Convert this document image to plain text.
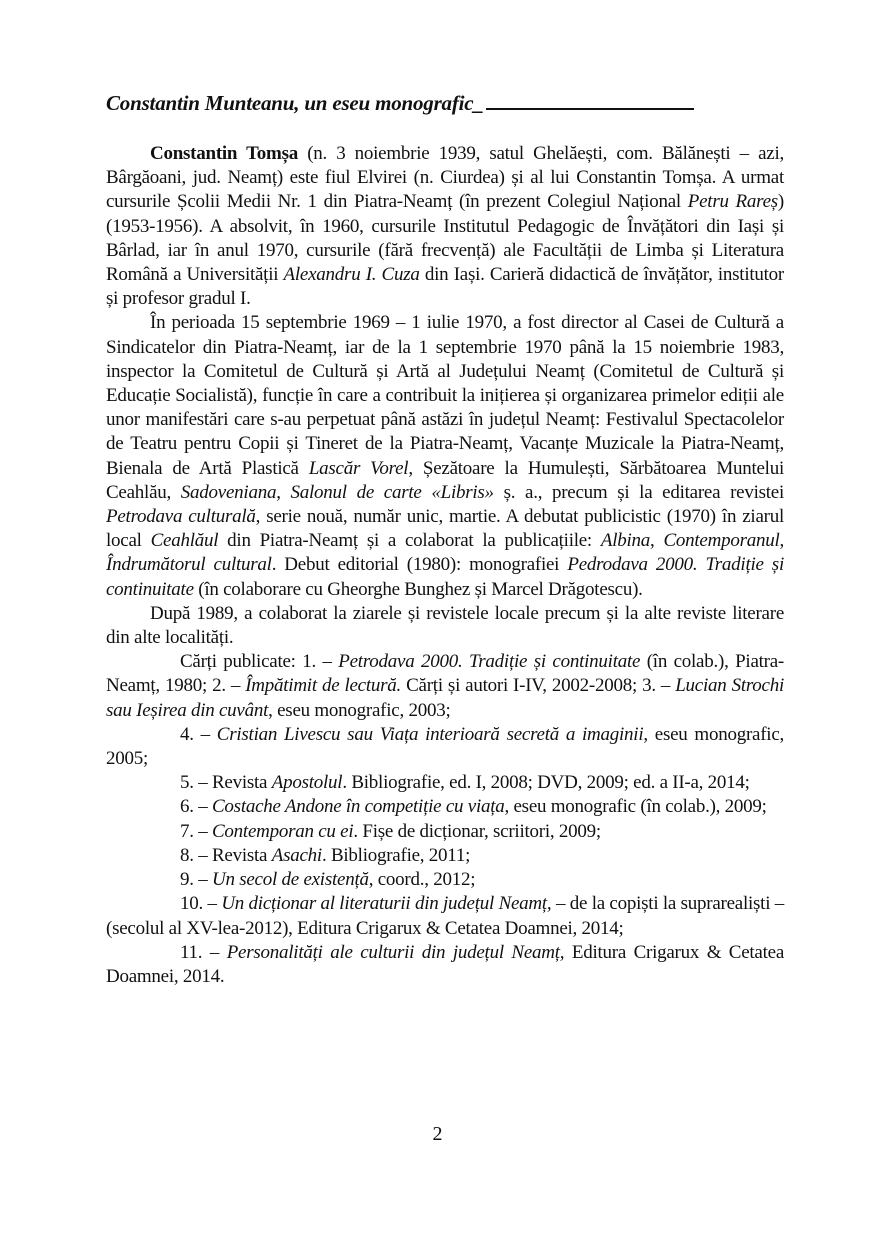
Constantin Munteanu, un eseu monografic_

Constantin Tomșa (n. 3 noiembrie 1939, satul Ghelăești, com. Bălănești – azi, Bârgăoani, jud. Neamț) este fiul Elvirei (n. Ciurdea) și al lui Constantin Tomșa. A urmat cursurile Școlii Medii Nr. 1 din Piatra-Neamț (în prezent Colegiul Național Petru Rareș) (1953-1956). A absolvit, în 1960, cursurile Institutul Pedagogic de Învățători din Iași și Bârlad, iar în anul 1970, cursurile (fără frecvență) ale Facultății de Limba și Literatura Română a Universității Alexandru I. Cuza din Iași. Carieră didactică de învățător, institutor și profesor gradul I.

În perioada 15 septembrie 1969 – 1 iulie 1970, a fost director al Casei de Cultură a Sindicatelor din Piatra-Neamț, iar de la 1 septembrie 1970 până la 15 noiembrie 1983, inspector la Comitetul de Cultură și Artă al Județului Neamț (Comitetul de Cultură și Educație Socialistă), funcție în care a contribuit la inițierea și organizarea primelor ediții ale unor manifestări care s-au perpetuat până astăzi în județul Neamț: Festivalul Spectacolelor de Teatru pentru Copii și Tineret de la Piatra-Neamț, Vacanțe Muzicale la Piatra-Neamț, Bienala de Artă Plastică Lascăr Vorel, Șezătoare la Humulești, Sărbătoarea Muntelui Ceahlău, Sadoveniana, Salonul de carte «Libris» ș. a., precum și la editarea revistei Petrodava culturală, serie nouă, număr unic, martie. A debutat publicistic (1970) în ziarul local Ceahlăul din Piatra-Neamț și a colaborat la publicațiile: Albina, Contemporanul, Îndrumătorul cultural. Debut editorial (1980): monografiei Pedrodava 2000. Tradiție și continuitate (în colaborare cu Gheorghe Bunghez și Marcel Drăgotescu).

După 1989, a colaborat la ziarele și revistele locale precum și la alte reviste literare din alte localități.

Cărți publicate: 1. – Petrodava 2000. Tradiție și continuitate (în colab.), Piatra-Neamț, 1980; 2. – Împătimit de lectură. Cărți și autori I-IV, 2002-2008; 3. – Lucian Strochi sau Ieșirea din cuvânt, eseu monografic, 2003;

4. – Cristian Livescu sau Viața interioară secretă a imaginii, eseu monografic, 2005;

5. – Revista Apostolul. Bibliografie, ed. I, 2008; DVD, 2009; ed. a II-a, 2014;

6. – Costache Andone în competiție cu viața, eseu monografic (în colab.), 2009;

7. – Contemporan cu ei. Fișe de dicționar, scriitori, 2009;

8. – Revista Asachi. Bibliografie, 2011;

9. – Un secol de existență, coord., 2012;

10. – Un dicționar al literaturii din județul Neamț, – de la copiști la suprarealiști – (secolul al XV-lea-2012), Editura Crigarux & Cetatea Doamnei, 2014;

11. – Personalități ale culturii din județul Neamț, Editura Crigarux & Cetatea Doamnei, 2014.

2
